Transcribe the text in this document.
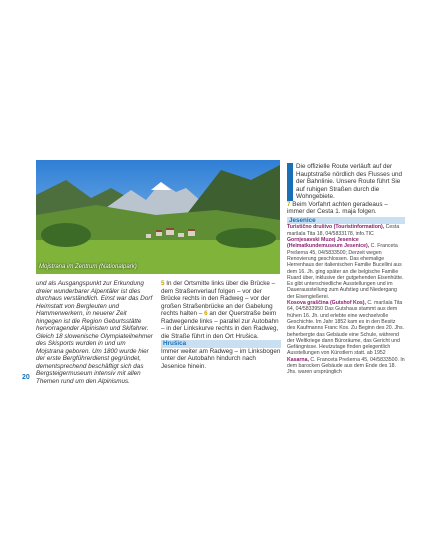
Mojstrana im Zentrum (Nationalpark)
und als Ausgangspunkt zur Erkundung dreier wunderbarer Alpentäler ist dies durchaus verständlich. Einst war das Dorf Heimstatt von Bergleuten und Hammerwerkern, in neuerer Zeit hingegen ist die Region Geburtsstätte hervorragender Alpinisten und Skifahrer. Gleich 18 slowenische Olympiateilnehmer des Skisports wurden in und um Mojstrana geboren. Um 1800 wurde hier der erste Bergführerdienst gegründet, dementsprechend beschäftigt sich das Bergsteigermuseum intensiv mit allen Themen rund um den Alpinismus.
5 In der Ortsmitte links über die Brücke – dem Straßenverlauf folgen – vor der Brücke rechts in den Radweg – vor der großen Straßenbrücke an der Gabelung rechts halten – 6 an der Querstraße beim Radwegende links – parallel zur Autobahn – in der Linkskurve rechts in den Radweg, die Straße führt in den Ort Hrušica.
Hrušica
Immer weiter am Radweg – im Linksbogen unter der Autobahn hindurch nach Jesenice hinein.
Die offizielle Route verläuft auf der Hauptstraße nördlich des Flusses und der Bahnlinie. Unsere Route führt Sie auf ruhigen Straßen durch die Wohngebiete.
7 Beim Vorfahrt achten geradeaus – immer der Cesta 1. maja folgen.
Jesenice
Turistično društvo (Touristinformation), Cesta maršala Tita 18, 04/5833178, info.TIC
Gornjesavski Muzej Jesenice (Heimatkundemuseum Jesenice), C. Franceta Prešerna 45, 04/5833500; Derzeit wegen Renovierung geschlossen. Das ehemalige Herrenhaus der italienischen Familie Bucellini aus dem 16. Jh. ging später an die belgische Familie Ruard über, inklusive der gutgehenden Eisenhütte. Es gibt unterschiedliche Ausstellungen und im Dauerausstellung zum Aufstieg und Niedergang der Eisengießerei.
Kosova graščina (Gutshof Kos), C. maršala Tita 64, 04/5833950 Das Gutshaus stammt aus dem frühen 16. Jh. und erlebte eine wechselvolle Geschichte. Im Jahr 1852 kam es in den Besitz des Kaufmanns Franc Kos. Zu Beginn des 20. Jhs. beherbergte das Gebäude eine Schule, während der Weltkriege dann Büroräume, das Gericht und Gefängnisse. Heutzutage finden gelegentlich Ausstellungen von Künstlern statt. ab 1952
Kasarna, C. Franceta Prešerna 45, 04/5833500. In dem barocken Gebäude aus dem Ende des 18. Jhs. waren ursprünglich
20
